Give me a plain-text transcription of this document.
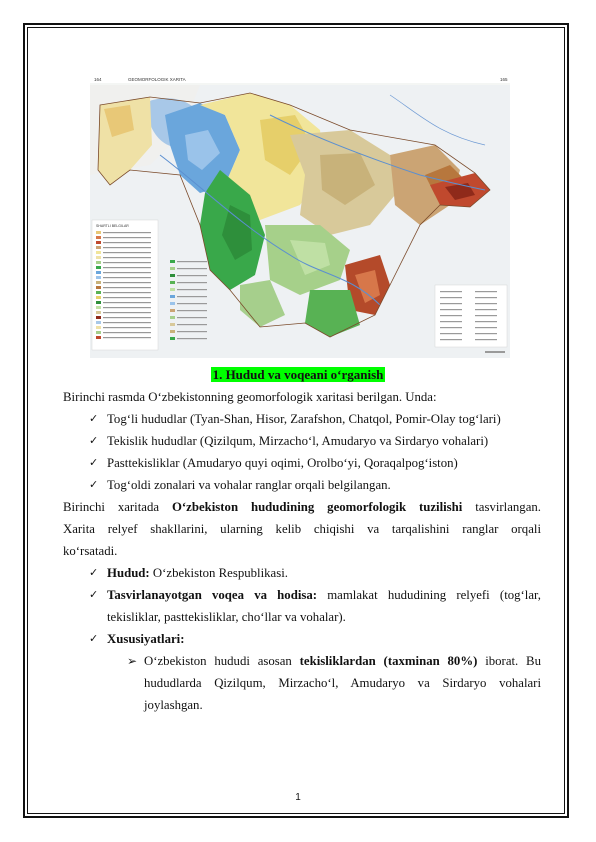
164	GEOMORFOLOGIK XARITA	165
SHARTLI BELGILAR
1. Hudud va voqeani o‘rganish
Birinchi rasmda O‘zbekistonning geomorfologik xaritasi berilgan. Unda:
✓ Tog‘li hududlar (Tyan-Shan, Hisor, Zarafshon, Chatqol, Pomir-Olay tog‘lari)
✓ Tekislik hududlar (Qizilqum, Mirzacho‘l, Amudaryo va Sirdaryo vohalari)
✓ Pasttekisliklar (Amudaryo quyi oqimi, Orolbo‘yi, Qoraqalpog‘iston)
✓ Tog‘oldi zonalari va vohalar ranglar orqali belgilangan.
Birinchi xaritada O‘zbekiston hududining geomorfologik tuzilishi tasvirlangan.
Xarita relyef shakllarini, ularning kelib chiqishi va tarqalishini ranglar orqali
ko‘rsatadi.
✓ Hudud: O‘zbekiston Respublikasi.
✓ Tasvirlanayotgan voqea va hodisa: mamlakat hududining relyefi (tog‘lar,
tekisliklar, pasttekisliklar, cho‘llar va vohalar).
✓ Xususiyatlari:
➢ O‘zbekiston hududi asosan tekisliklardan (taxminan 80%) iborat. Bu
hududlarda Qizilqum, Mirzacho‘l, Amudaryo va Sirdaryo vohalari
joylashgan.
1
